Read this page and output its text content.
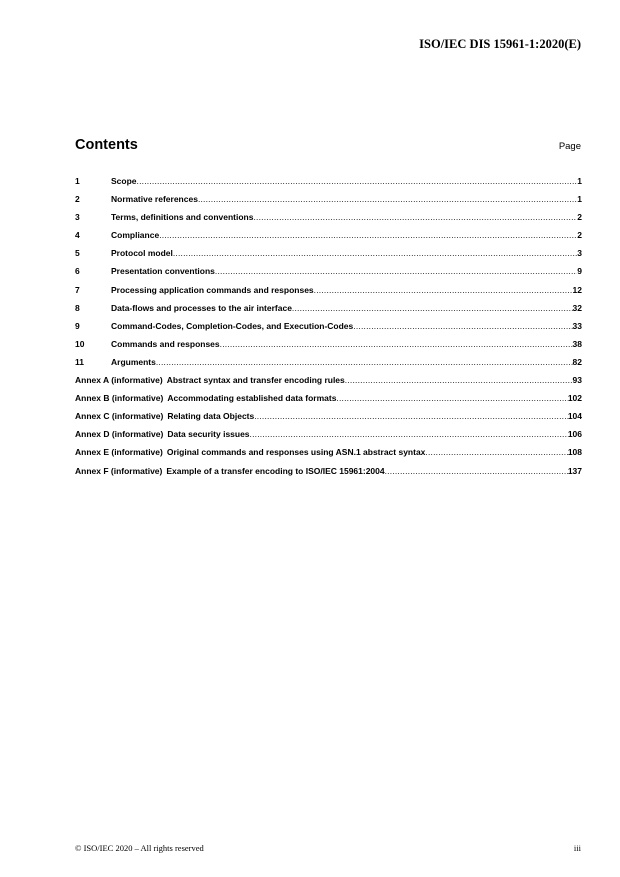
ISO/IEC DIS 15961-1:2020(E)
Contents	Page
1	Scope .....	1
2	Normative references .....	1
3	Terms, definitions and conventions .....	2
4	Compliance .....	2
5	Protocol model .....	3
6	Presentation conventions .....	9
7	Processing application commands and responses .....	12
8	Data-flows and processes to the air interface .....	32
9	Command-Codes, Completion-Codes, and Execution-Codes .....	33
10	Commands and responses .....	38
11	Arguments .....	82
Annex A (informative) Abstract syntax and transfer encoding rules .....	93
Annex B (informative) Accommodating established data formats .....	102
Annex C (informative) Relating data Objects .....	104
Annex D (informative) Data security issues .....	106
Annex E (informative) Original commands and responses using ASN.1 abstract syntax .....	108
Annex F (informative) Example of a transfer encoding to ISO/IEC 15961:2004 .....	137
© ISO/IEC 2020 – All rights reserved	iii
